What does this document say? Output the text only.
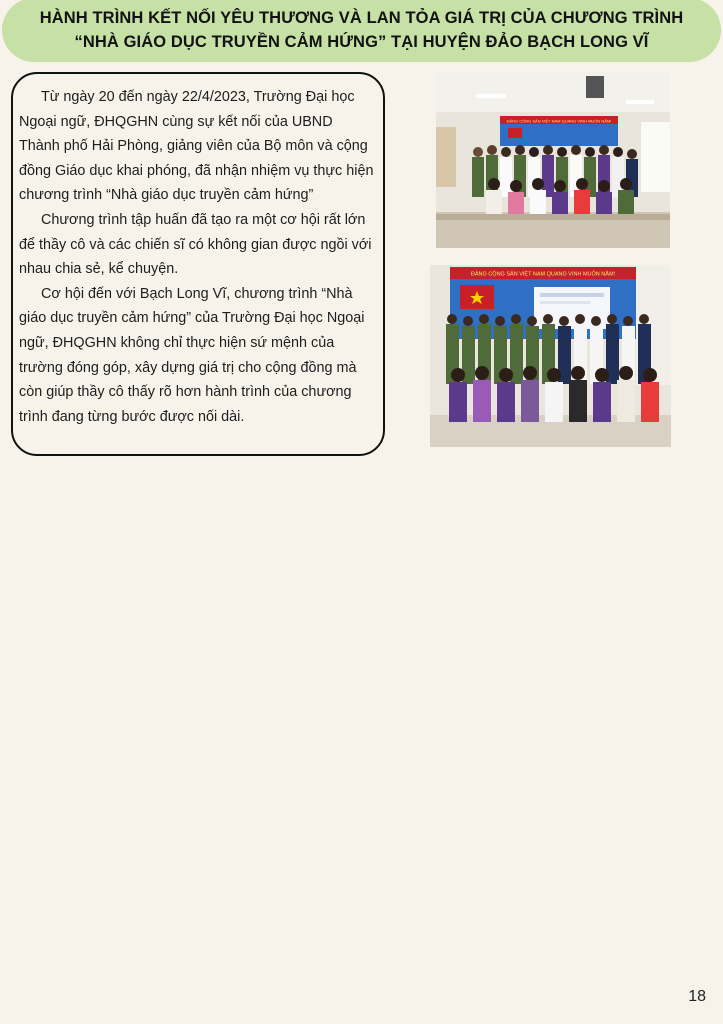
HÀNH TRÌNH KẾT NỐI YÊU THƯƠNG VÀ LAN TỎA GIÁ TRỊ CỦA CHƯƠNG TRÌNH
“NHÀ GIÁO DỤC TRUYỀN CẢM HỨNG” TẠI HUYỆN ĐẢO BẠCH LONG VĨ

Từ ngày 20 đến ngày 22/4/2023, Trường Đại học Ngoại ngữ, ĐHQGHN cùng sự kết nối của UBND Thành phố Hải Phòng, giảng viên của Bộ môn và cộng đồng Giáo dục khai phóng, đã nhận nhiệm vụ thực hiện chương trình “Nhà giáo dục truyền cảm hứng”

Chương trình tập huấn đã tạo ra một cơ hội rất lớn để thầy cô và các chiến sĩ có không gian được ngồi với nhau chia sẻ, kể chuyện.

Cơ hội đến với Bạch Long Vĩ, chương trình “Nhà giáo dục truyền cảm hứng” của Trường Đại học Ngoại ngữ, ĐHQGHN không chỉ thực hiện sứ mệnh của trường đóng góp, xây dựng giá trị cho cộng đồng mà còn giúp thầy cô thấy rõ hơn hành trình của chương trình đang từng bước được nối dài.

ĐẢNG CỘNG SẢN VIỆT NAM QUANG VINH MUÔN NĂM!
ĐẢNG CỘNG SẢN VIỆT NAM QUANG VINH MUÔN NĂM!
18
